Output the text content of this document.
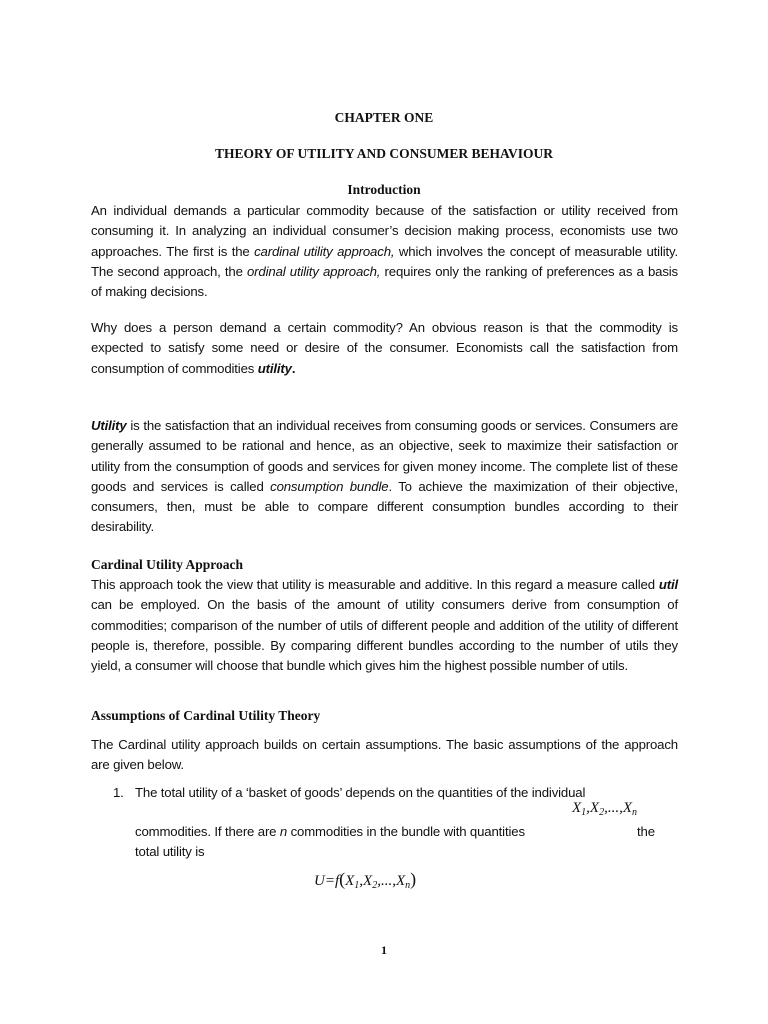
CHAPTER ONE

THEORY OF UTILITY AND CONSUMER BEHAVIOUR

Introduction

An individual demands a particular commodity because of the satisfaction or utility received from consuming it. In analyzing an individual consumer’s decision making process, economists use two approaches. The first is the cardinal utility approach, which involves the concept of measurable utility. The second approach, the ordinal utility approach, requires only the ranking of preferences as a basis of making decisions.

Why does a person demand a certain commodity? An obvious reason is that the commodity is expected to satisfy some need or desire of the consumer. Economists call the satisfaction from consumption of commodities utility.

Utility is the satisfaction that an individual receives from consuming goods or services. Consumers are generally assumed to be rational and hence, as an objective, seek to maximize their satisfaction or utility from the consumption of goods and services for given money income. The complete list of these goods and services is called consumption bundle. To achieve the maximization of their objective, consumers, then, must be able to compare different consumption bundles according to their desirability.

Cardinal Utility Approach

This approach took the view that utility is measurable and additive. In this regard a measure called util can be employed. On the basis of the amount of utility consumers derive from consumption of commodities; comparison of the number of utils of different people and addition of the utility of different people is, therefore, possible. By comparing different bundles according to the number of utils they yield, a consumer will choose that bundle which gives him the highest possible number of utils.

Assumptions of Cardinal Utility Theory

The Cardinal utility approach builds on certain assumptions. The basic assumptions of the approach are given below.

1. The total utility of a ‘basket of goods’ depends on the quantities of the individual
commodities. If there are n commodities in the bundle with quantities	the
total utility is
$X_1,X_2,...,X_n$
$U=f(X_1,X_2,...,X_n)$
1
